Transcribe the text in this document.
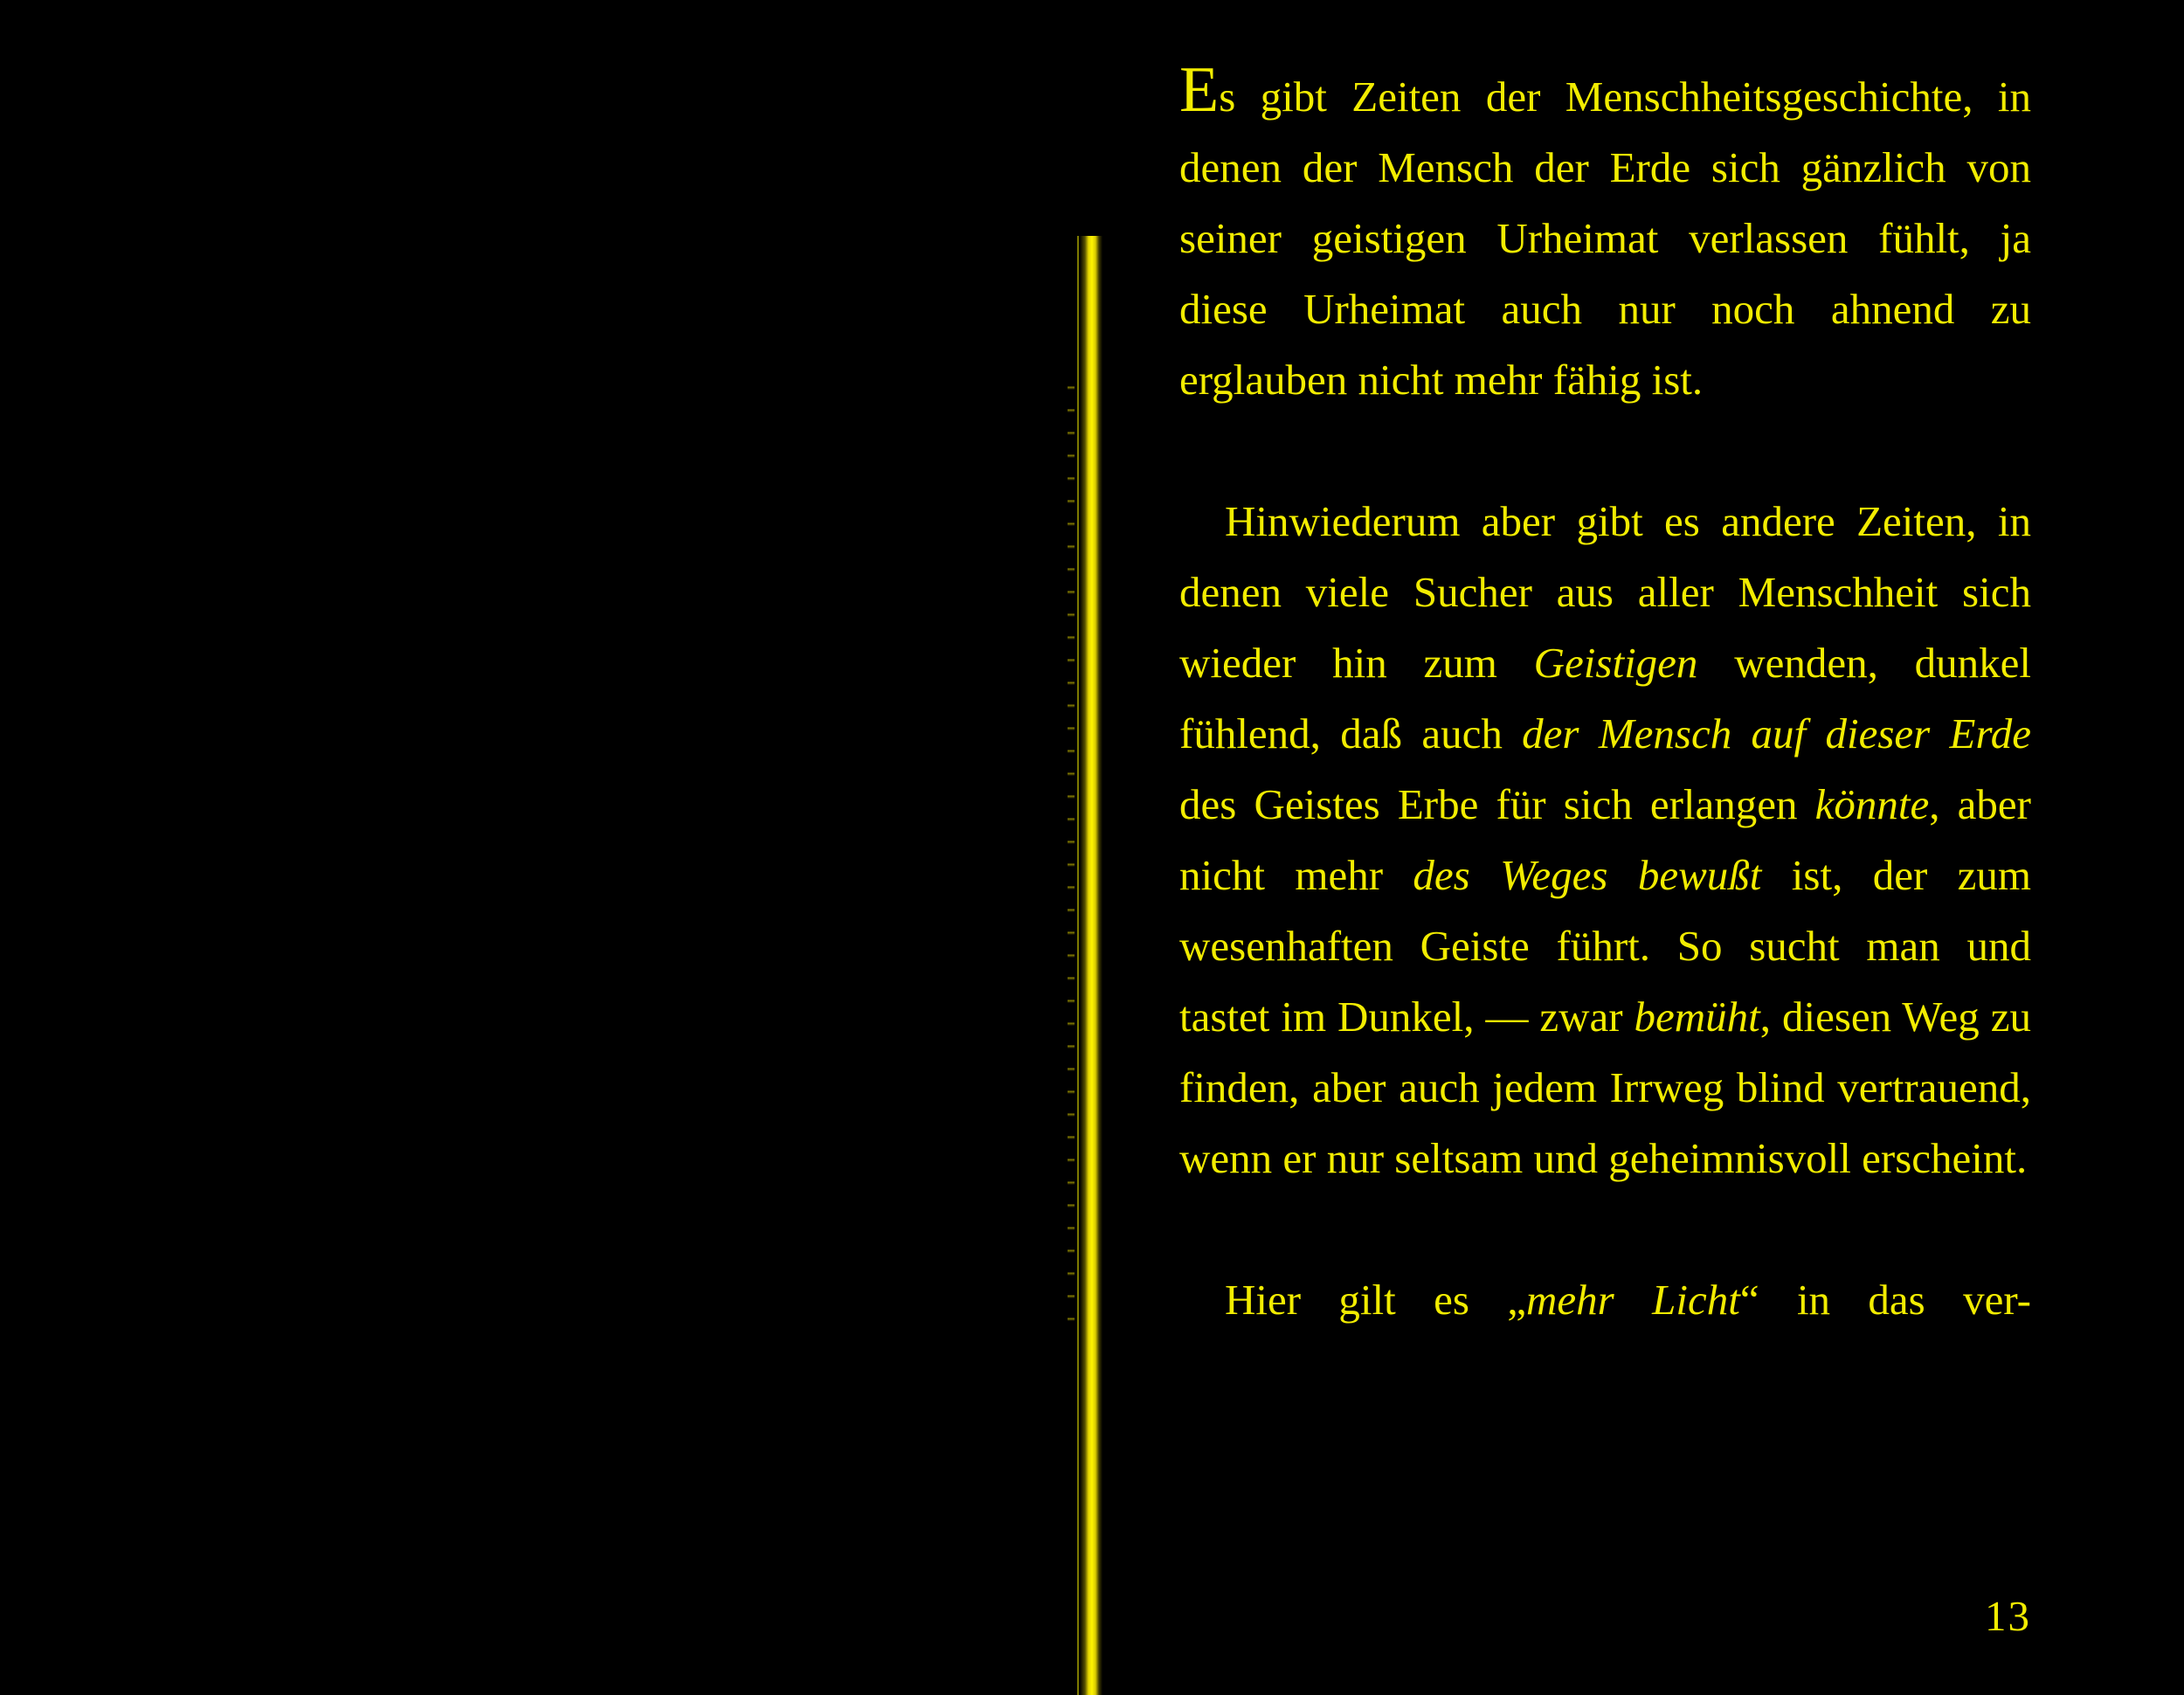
Es gibt Zeiten der Menschheitsgeschichte, in denen der Mensch der Erde sich gänzlich von seiner geistigen Urheimat verlassen fühlt, ja diese Urheimat auch nur noch ahnend zu erglauben nicht mehr fähig ist.

Hinwiederum aber gibt es andere Zeiten, in denen viele Sucher aus aller Menschheit sich wieder hin zum Geistigen wenden, dunkel fühlend, daß auch der Mensch auf dieser Erde des Geistes Erbe für sich erlangen könnte, aber nicht mehr des Weges bewußt ist, der zum wesenhaften Geiste führt. So sucht man und tastet im Dunkel, — zwar bemüht, diesen Weg zu finden, aber auch jedem Irrweg blind vertrauend, wenn er nur seltsam und geheimnisvoll erscheint.

Hier gilt es „mehr Licht“ in das ver-

13
